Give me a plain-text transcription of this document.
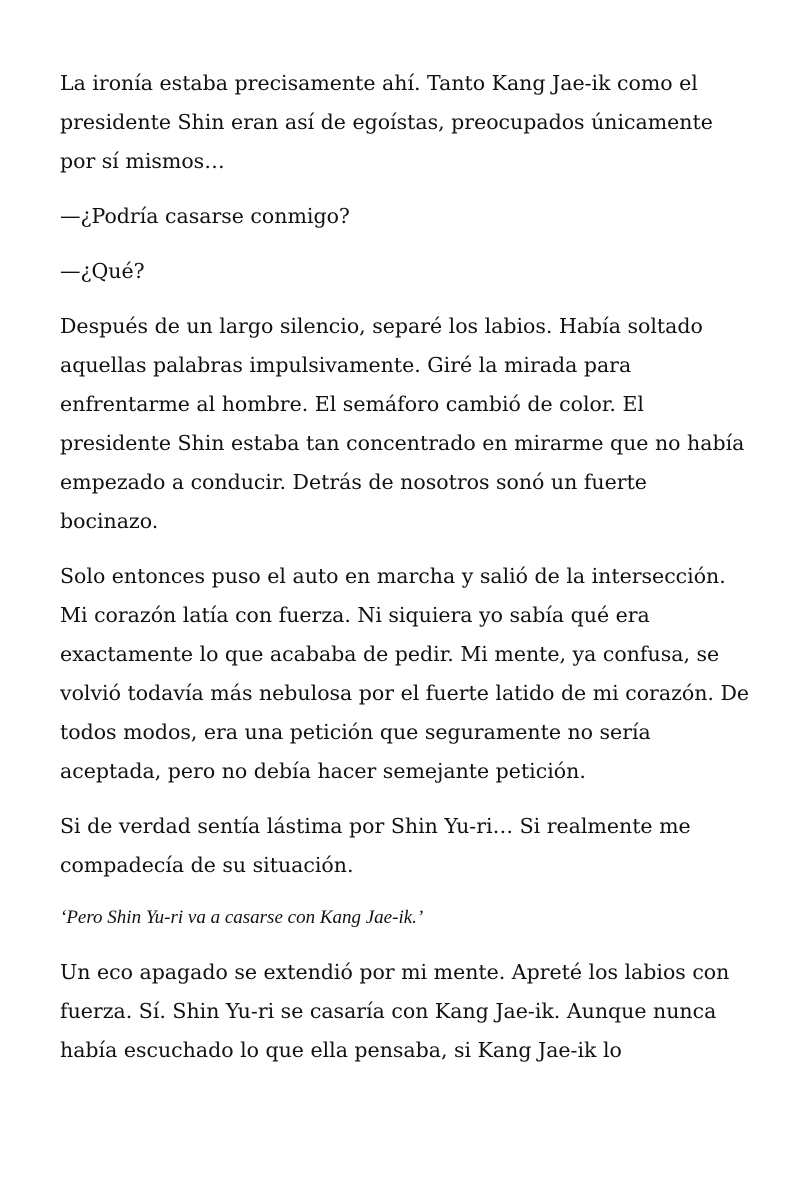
La ironía estaba precisamente ahí. Tanto Kang Jae-ik como el presidente Shin eran así de egoístas, preocupados únicamente por sí mismos…

—¿Podría casarse conmigo?

—¿Qué?

Después de un largo silencio, separé los labios. Había soltado aquellas palabras impulsivamente. Giré la mirada para enfrentarme al hombre. El semáforo cambió de color. El presidente Shin estaba tan concentrado en mirarme que no había empezado a conducir. Detrás de nosotros sonó un fuerte bocinazo.

Solo entonces puso el auto en marcha y salió de la intersección. Mi corazón latía con fuerza. Ni siquiera yo sabía qué era exactamente lo que acababa de pedir. Mi mente, ya confusa, se volvió todavía más nebulosa por el fuerte latido de mi corazón. De todos modos, era una petición que seguramente no sería aceptada, pero no debía hacer semejante petición.

Si de verdad sentía lástima por Shin Yu-ri… Si realmente me compadecía de su situación.

‘Pero Shin Yu-ri va a casarse con Kang Jae-ik.’

Un eco apagado se extendió por mi mente. Apreté los labios con fuerza. Sí. Shin Yu-ri se casaría con Kang Jae-ik. Aunque nunca había escuchado lo que ella pensaba, si Kang Jae-ik lo
